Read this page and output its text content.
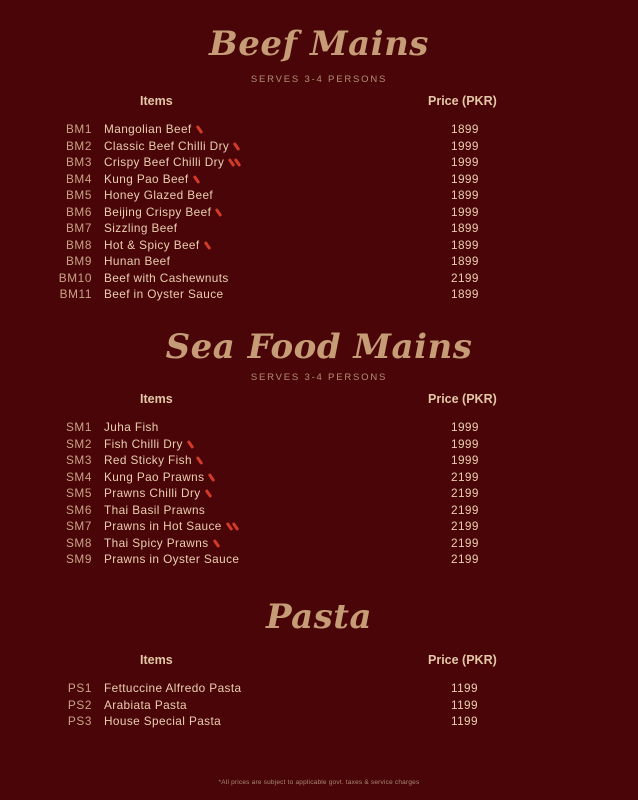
Beef Mains
SERVES 3-4 PERSONS
Items	Price (PKR)
BM1 Mangolian Beef	1899
BM2 Classic Beef Chilli Dry	1999
BM3 Crispy Beef Chilli Dry	1999
BM4 Kung Pao Beef	1999
BM5 Honey Glazed Beef	1899
BM6 Beijing Crispy Beef	1999
BM7 Sizzling Beef	1899
BM8 Hot & Spicy Beef	1899
BM9 Hunan Beef	1899
BM10 Beef with Cashewnuts	2199
BM11 Beef in Oyster Sauce	1899
Sea Food Mains
SERVES 3-4 PERSONS
Items	Price (PKR)
SM1 Juha Fish	1999
SM2 Fish Chilli Dry	1999
SM3 Red Sticky Fish	1999
SM4 Kung Pao Prawns	2199
SM5 Prawns Chilli Dry	2199
SM6 Thai Basil Prawns	2199
SM7 Prawns in Hot Sauce	2199
SM8 Thai Spicy Prawns	2199
SM9 Prawns in Oyster Sauce	2199
Pasta
Items	Price (PKR)
PS1 Fettuccine Alfredo Pasta	1199
PS2 Arabiata Pasta	1199
PS3 House Special Pasta	1199
*All prices are subject to applicable govt. taxes & service charges
